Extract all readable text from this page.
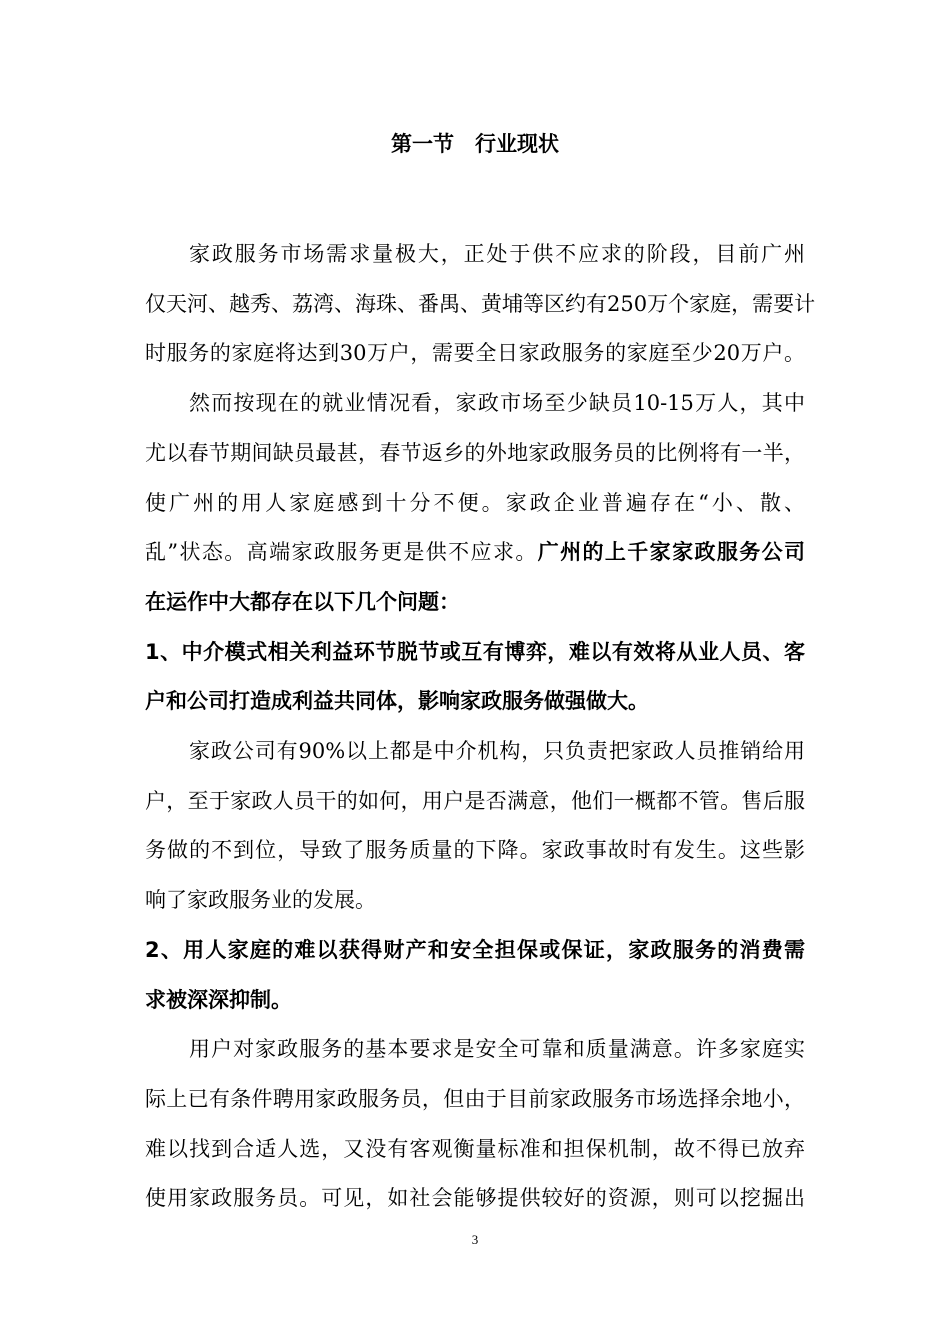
第一节　行业现状
家政服务市场需求量极大，正处于供不应求的阶段，目前广州
仅天河、越秀、荔湾、海珠、番禺、黄埔等区约有250万个家庭，需要计
时服务的家庭将达到30万户，需要全日家政服务的家庭至少20万户。
然而按现在的就业情况看，家政市场至少缺员10-15万人，其中
尤以春节期间缺员最甚，春节返乡的外地家政服务员的比例将有一半，
使广州的用人家庭感到十分不便。家政企业普遍存在“小、散、
乱”状态。高端家政服务更是供不应求。广州的上千家家政服务公司
在运作中大都存在以下几个问题：
1、中介模式相关利益环节脱节或互有博弈，难以有效将从业人员、客
户和公司打造成利益共同体，影响家政服务做强做大。
家政公司有90%以上都是中介机构，只负责把家政人员推销给用
户，至于家政人员干的如何，用户是否满意，他们一概都不管。售后服
务做的不到位，导致了服务质量的下降。家政事故时有发生。这些影
响了家政服务业的发展。
2、用人家庭的难以获得财产和安全担保或保证，家政服务的消费需
求被深深抑制。
用户对家政服务的基本要求是安全可靠和质量满意。许多家庭实
际上已有条件聘用家政服务员，但由于目前家政服务市场选择余地小，
难以找到合适人选，又没有客观衡量标准和担保机制，故不得已放弃
使用家政服务员。可见，如社会能够提供较好的资源，则可以挖掘出
3
